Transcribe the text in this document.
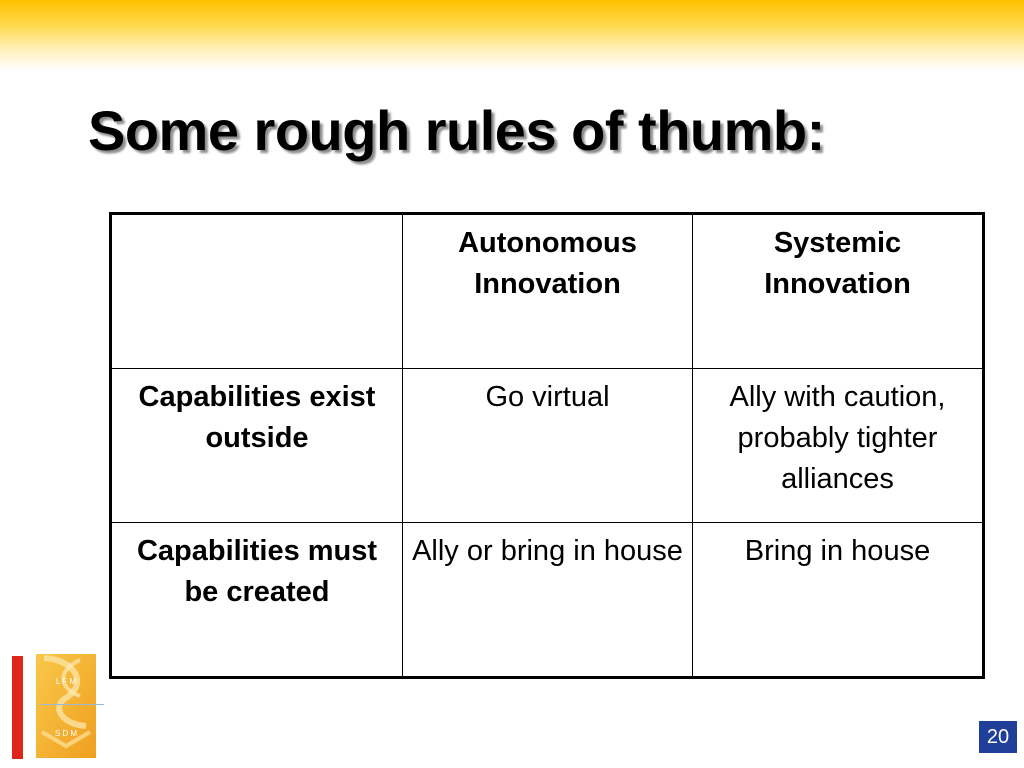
Some rough rules of thumb:
	Autonomous Innovation	Systemic Innovation
Capabilities exist outside	Go virtual	Ally with caution, probably tighter alliances
Capabilities must be created	Ally or bring in house	Bring in house
L F M
S D M	20
